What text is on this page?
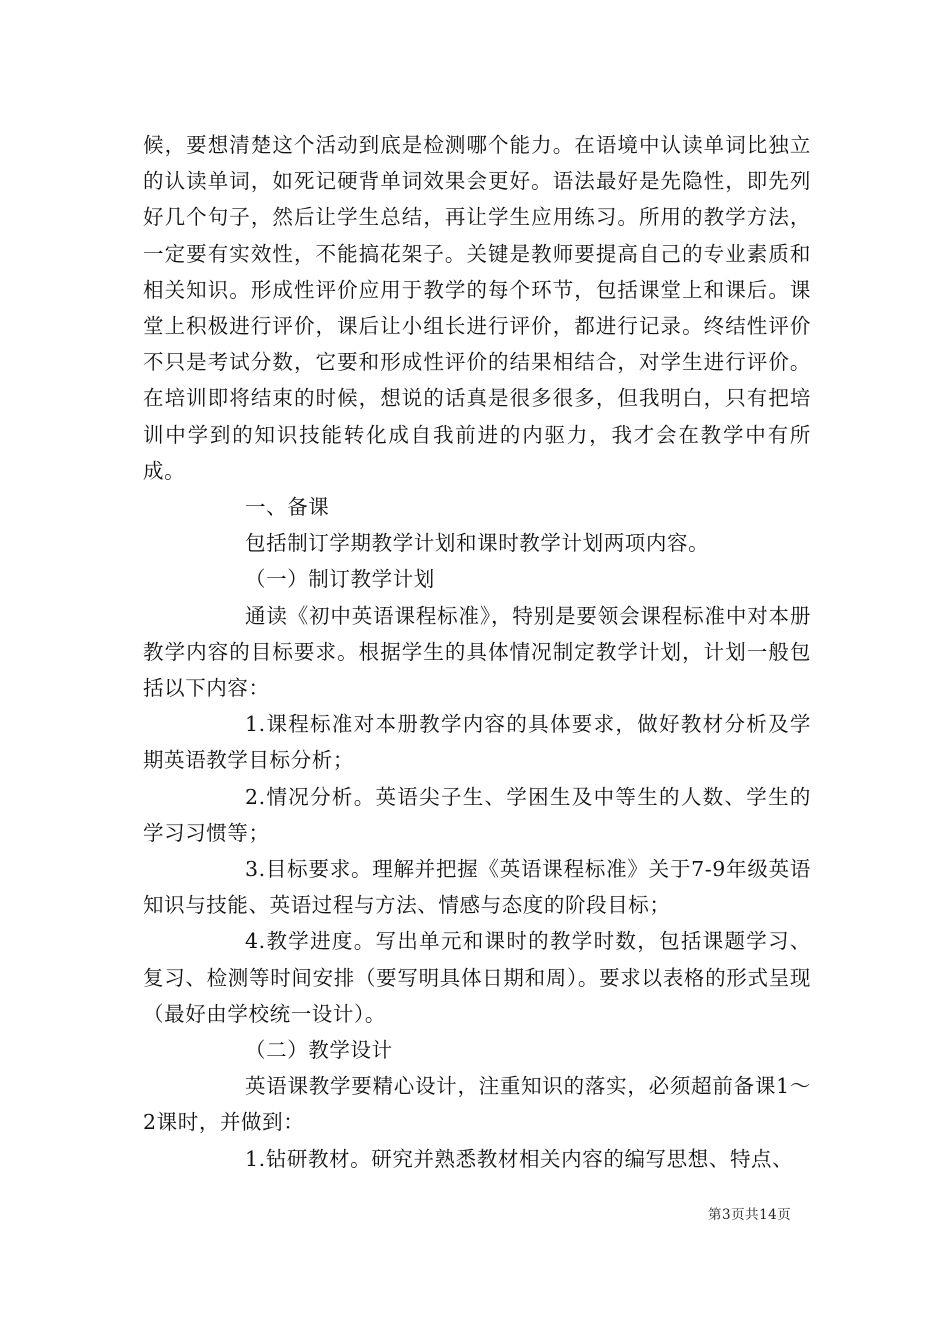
候，要想清楚这个活动到底是检测哪个能力。在语境中认读单词比独立的认读单词，如死记硬背单词效果会更好。语法最好是先隐性，即先列好几个句子，然后让学生总结，再让学生应用练习。所用的教学方法，一定要有实效性，不能搞花架子。关键是教师要提高自己的专业素质和相关知识。形成性评价应用于教学的每个环节，包括课堂上和课后。课堂上积极进行评价，课后让小组长进行评价，都进行记录。终结性评价不只是考试分数，它要和形成性评价的结果相结合，对学生进行评价。在培训即将结束的时候，想说的话真是很多很多，但我明白，只有把培训中学到的知识技能转化成自我前进的内驱力，我才会在教学中有所成。

一、备课

包括制订学期教学计划和课时教学计划两项内容。

（一）制订教学计划

通读《初中英语课程标准》，特别是要领会课程标准中对本册教学内容的目标要求。根据学生的具体情况制定教学计划，计划一般包括以下内容：

1.课程标准对本册教学内容的具体要求，做好教材分析及学期英语教学目标分析；

2.情况分析。英语尖子生、学困生及中等生的人数、学生的学习习惯等；

3.目标要求。理解并把握《英语课程标准》关于7-9年级英语知识与技能、英语过程与方法、情感与态度的阶段目标；

4.教学进度。写出单元和课时的教学时数，包括课题学习、复习、检测等时间安排（要写明具体日期和周）。要求以表格的形式呈现（最好由学校统一设计）。

（二）教学设计

英语课教学要精心设计，注重知识的落实，必须超前备课1～2课时，并做到：

1.钻研教材。研究并熟悉教材相关内容的编写思想、特点、

第3页共14页
